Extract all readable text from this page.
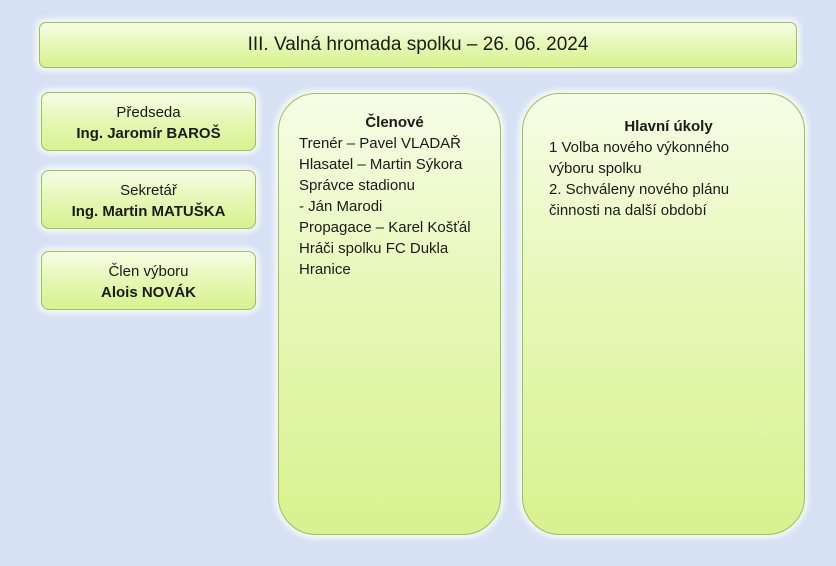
III. Valná hromada spolku – 26. 06. 2024
Předseda
Ing. Jaromír BAROŠ
Sekretář
Ing. Martin MATUŠKA
Člen výboru
Alois NOVÁK
Členové
Trenér – Pavel VLADAŘ
Hlasatel – Martin Sýkora
Správce stadionu
- Ján Marodi
Propagace – Karel Košťál
Hráči spolku FC Dukla
Hranice
Hlavní úkoly
1 Volba nového výkonného
výboru spolku
2. Schváleny nového plánu
činnosti na další období
